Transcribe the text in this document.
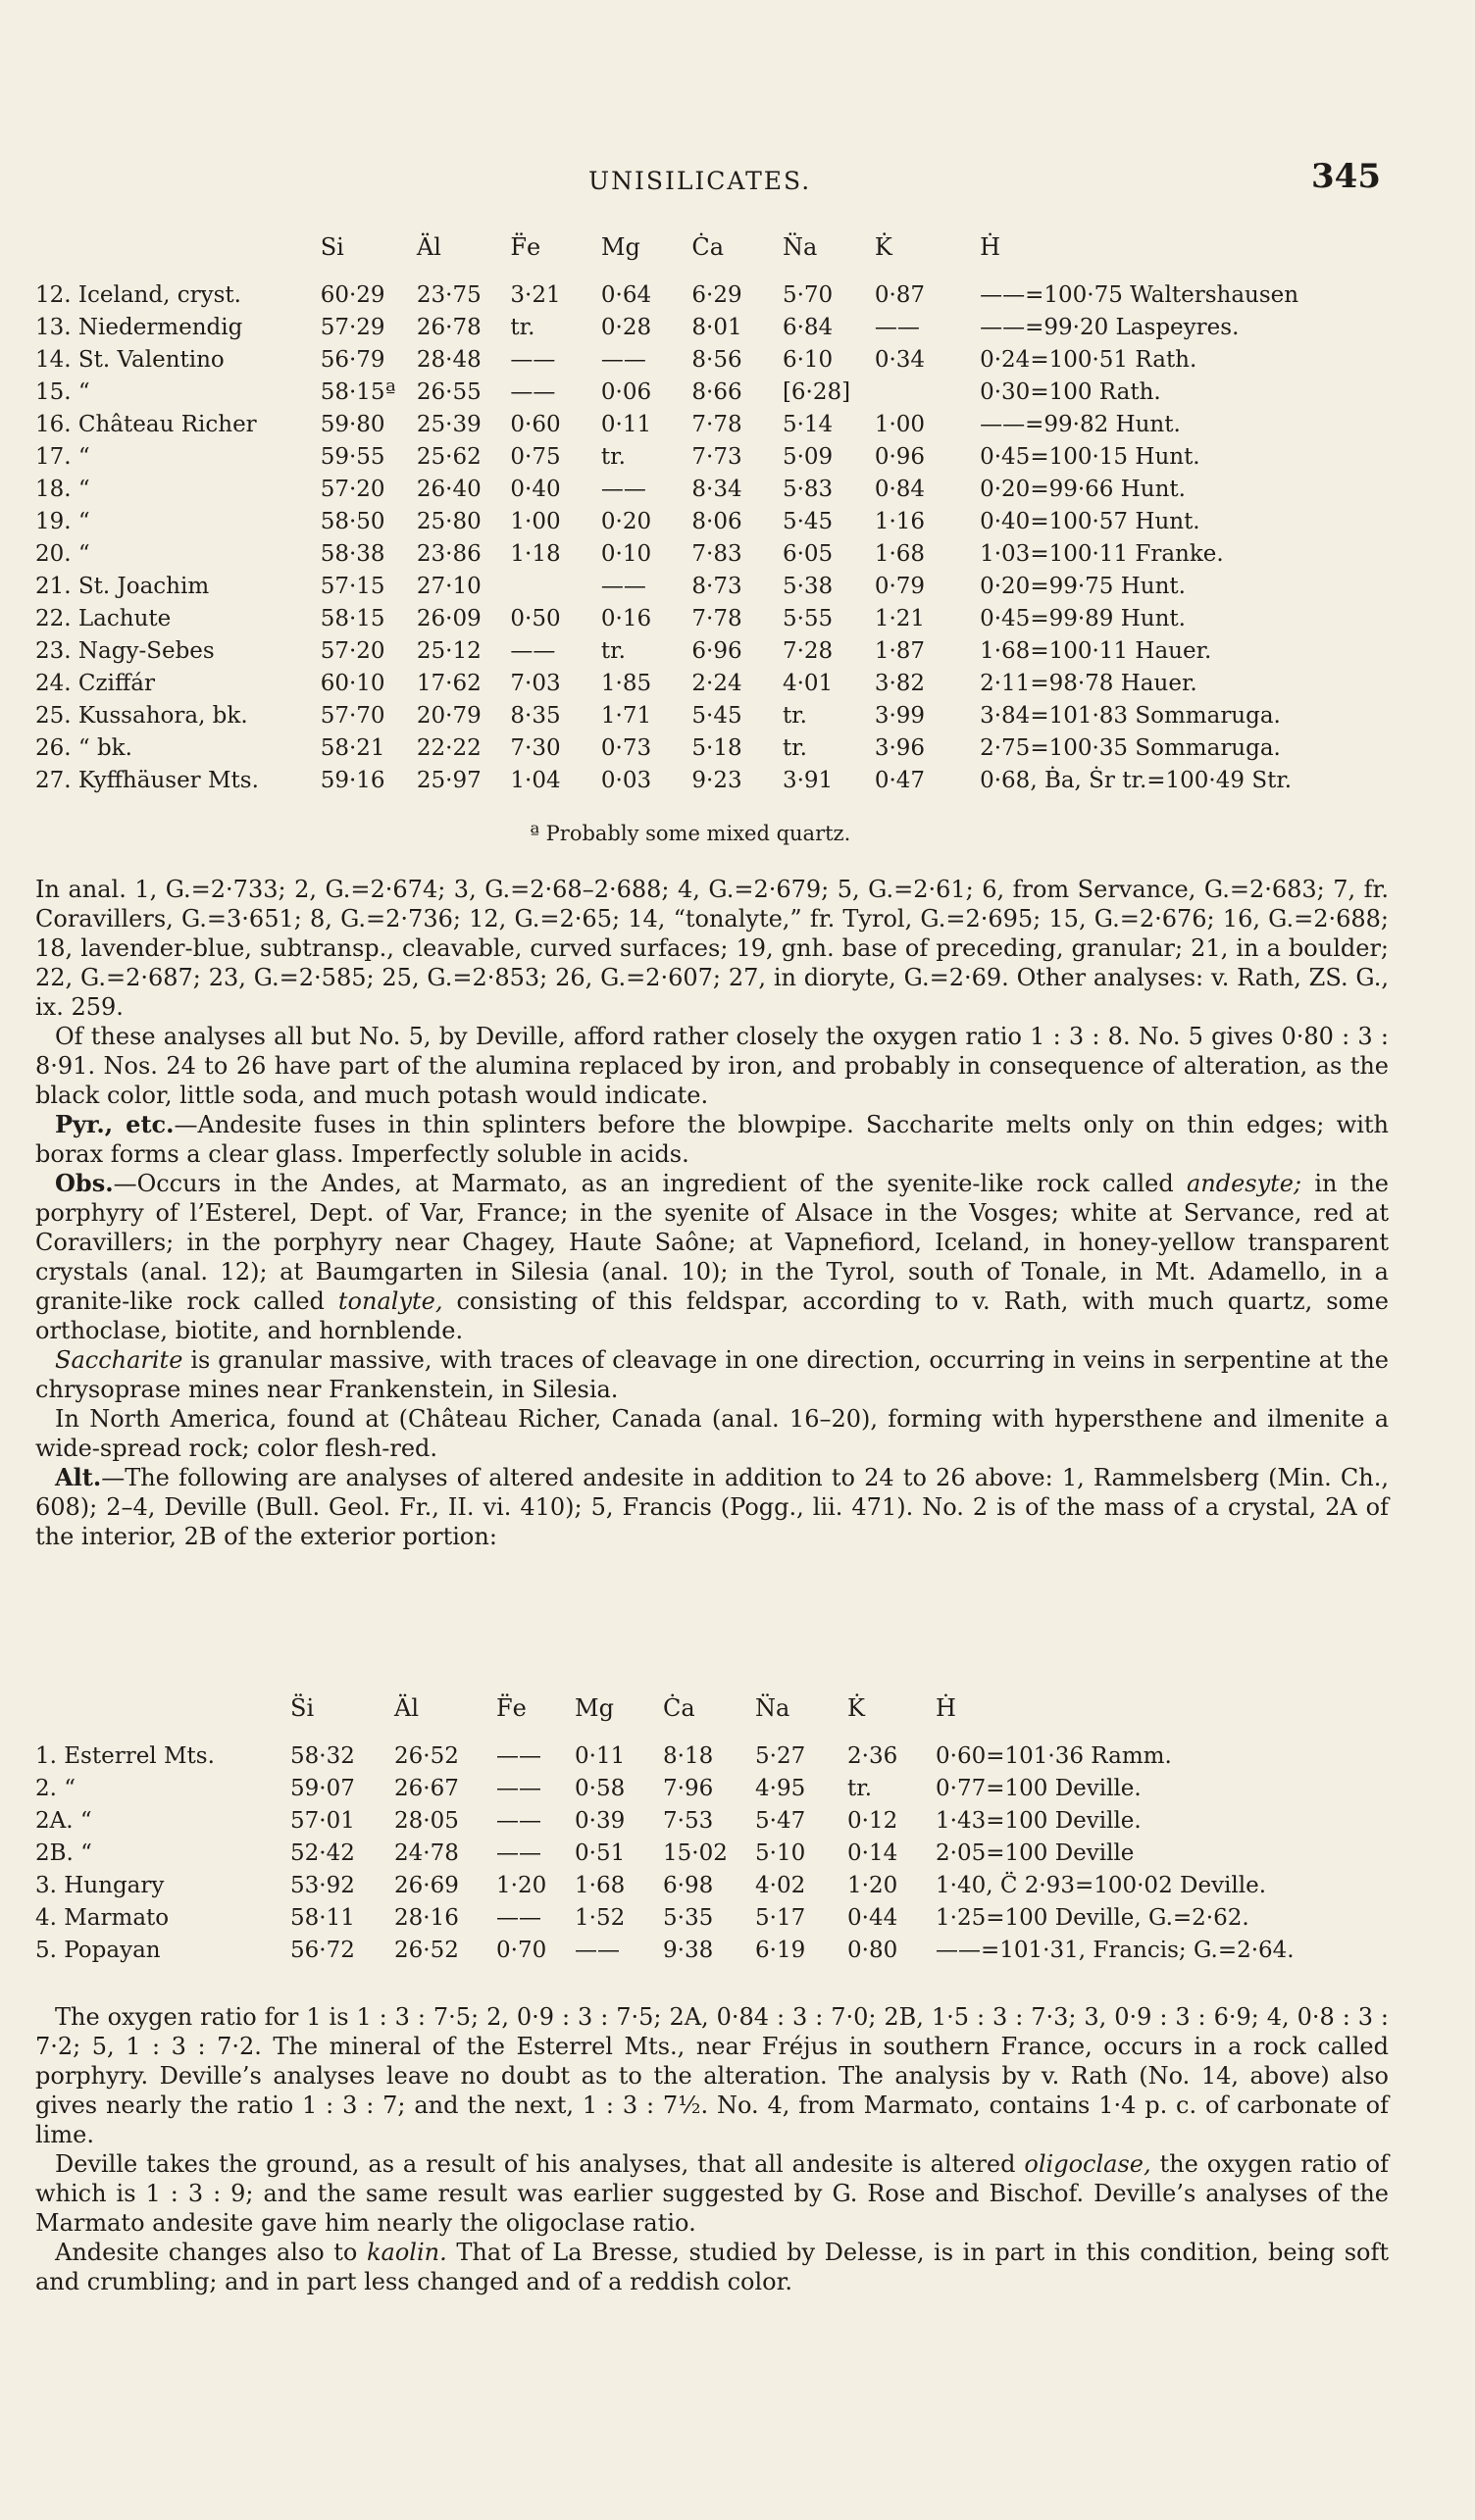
UNISILICATES.	345
	Si	Äl	F̈e	Mg	Ċa	N̈a	K̇	Ḣ
12. Iceland, cryst.	60·29	23·75	3·21	0·64	6·29	5·70	0·87	——=100·75 Waltershausen
13. Niedermendig	57·29	26·78	tr.	0·28	8·01	6·84	——	——=99·20 Laspeyres.
14. St. Valentino	56·79	28·48	——	——	8·56	6·10	0·34	0·24=100·51 Rath.
15. “	58·15ª	26·55	——	0·06	8·66	[6·28]		0·30=100 Rath.
16. Château Richer	59·80	25·39	0·60	0·11	7·78	5·14	1·00	——=99·82 Hunt.
17. “	59·55	25·62	0·75	tr.	7·73	5·09	0·96	0·45=100·15 Hunt.
18. “	57·20	26·40	0·40	——	8·34	5·83	0·84	0·20=99·66 Hunt.
19. “	58·50	25·80	1·00	0·20	8·06	5·45	1·16	0·40=100·57 Hunt.
20. “	58·38	23·86	1·18	0·10	7·83	6·05	1·68	1·03=100·11 Franke.
21. St. Joachim	57·15	27·10		——	8·73	5·38	0·79	0·20=99·75 Hunt.
22. Lachute	58·15	26·09	0·50	0·16	7·78	5·55	1·21	0·45=99·89 Hunt.
23. Nagy-Sebes	57·20	25·12	——	tr.	6·96	7·28	1·87	1·68=100·11 Hauer.
24. Cziffár	60·10	17·62	7·03	1·85	2·24	4·01	3·82	2·11=98·78 Hauer.
25. Kussahora, bk.	57·70	20·79	8·35	1·71	5·45	tr.	3·99	3·84=101·83 Sommaruga.
26. “ bk.	58·21	22·22	7·30	0·73	5·18	tr.	3·96	2·75=100·35 Sommaruga.
27. Kyffhäuser Mts.	59·16	25·97	1·04	0·03	9·23	3·91	0·47	0·68, Ḃa, Ṡr tr.=100·49 Str.
ª Probably some mixed quartz.

In anal. 1, G.=2·733; 2, G.=2·674; 3, G.=2·68–2·688; 4, G.=2·679; 5, G.=2·61; 6, from Servance, G.=2·683; 7, fr. Coravillers, G.=3·651; 8, G.=2·736; 12, G.=2·65; 14, “tonalyte,” fr. Tyrol, G.=2·695; 15, G.=2·676; 16, G.=2·688; 18, lavender-blue, subtransp., cleavable, curved surfaces; 19, gnh. base of preceding, granular; 21, in a boulder; 22, G.=2·687; 23, G.=2·585; 25, G.=2·853; 26, G.=2·607; 27, in dioryte, G.=2·69. Other analyses: v. Rath, ZS. G., ix. 259.

Of these analyses all but No. 5, by Deville, afford rather closely the oxygen ratio 1 : 3 : 8. No. 5 gives 0·80 : 3 : 8·91. Nos. 24 to 26 have part of the alumina replaced by iron, and probably in consequence of alteration, as the black color, little soda, and much potash would indicate.

Pyr., etc.—Andesite fuses in thin splinters before the blowpipe. Saccharite melts only on thin edges; with borax forms a clear glass. Imperfectly soluble in acids.

Obs.—Occurs in the Andes, at Marmato, as an ingredient of the syenite-like rock called andesyte; in the porphyry of l’Esterel, Dept. of Var, France; in the syenite of Alsace in the Vosges; white at Servance, red at Coravillers; in the porphyry near Chagey, Haute Saône; at Vapnefiord, Iceland, in honey-yellow transparent crystals (anal. 12); at Baumgarten in Silesia (anal. 10); in the Tyrol, south of Tonale, in Mt. Adamello, in a granite-like rock called tonalyte, consisting of this feldspar, according to v. Rath, with much quartz, some orthoclase, biotite, and hornblende.

Saccharite is granular massive, with traces of cleavage in one direction, occurring in veins in serpentine at the chrysoprase mines near Frankenstein, in Silesia.

In North America, found at (Château Richer, Canada (anal. 16–20), forming with hypersthene and ilmenite a wide-spread rock; color flesh-red.

Alt.—The following are analyses of altered andesite in addition to 24 to 26 above: 1, Rammelsberg (Min. Ch., 608); 2–4, Deville (Bull. Geol. Fr., II. vi. 410); 5, Francis (Pogg., lii. 471). No. 2 is of the mass of a crystal, 2A of the interior, 2B of the exterior portion:

	S̈i	Äl	F̈e	Mg	Ċa	N̈a	K̇	Ḣ
1. Esterrel Mts.	58·32	26·52	——	0·11	8·18	5·27	2·36	0·60=101·36 Ramm.
2. “	59·07	26·67	——	0·58	7·96	4·95	tr.	0·77=100 Deville.
2A. “	57·01	28·05	——	0·39	7·53	5·47	0·12	1·43=100 Deville.
2B. “	52·42	24·78	——	0·51	15·02	5·10	0·14	2·05=100 Deville
3. Hungary	53·92	26·69	1·20	1·68	6·98	4·02	1·20	1·40, C̈ 2·93=100·02 Deville.
4. Marmato	58·11	28·16	——	1·52	5·35	5·17	0·44	1·25=100 Deville, G.=2·62.
5. Popayan	56·72	26·52	0·70	——	9·38	6·19	0·80	——=101·31, Francis; G.=2·64.

The oxygen ratio for 1 is 1 : 3 : 7·5; 2, 0·9 : 3 : 7·5; 2A, 0·84 : 3 : 7·0; 2B, 1·5 : 3 : 7·3; 3, 0·9 : 3 : 6·9; 4, 0·8 : 3 : 7·2; 5, 1 : 3 : 7·2. The mineral of the Esterrel Mts., near Fréjus in southern France, occurs in a rock called porphyry. Deville’s analyses leave no doubt as to the alteration. The analysis by v. Rath (No. 14, above) also gives nearly the ratio 1 : 3 : 7; and the next, 1 : 3 : 7½. No. 4, from Marmato, contains 1·4 p. c. of carbonate of lime.

Deville takes the ground, as a result of his analyses, that all andesite is altered oligoclase, the oxygen ratio of which is 1 : 3 : 9; and the same result was earlier suggested by G. Rose and Bischof. Deville’s analyses of the Marmato andesite gave him nearly the oligoclase ratio.

Andesite changes also to kaolin. That of La Bresse, studied by Delesse, is in part in this condition, being soft and crumbling; and in part less changed and of a reddish color.
